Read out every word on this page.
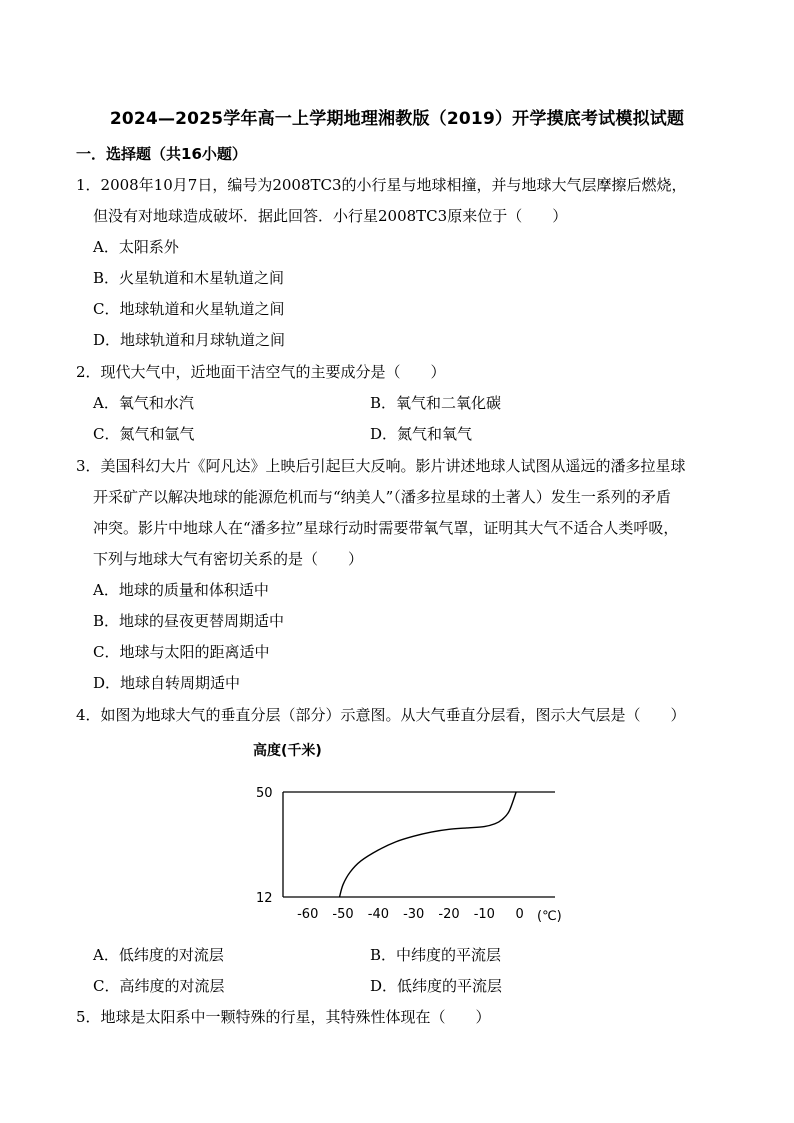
2024—2025学年高一上学期地理湘教版（2019）开学摸底考试模拟试题
一．选择题（共16小题）
1．2008年10月7日，编号为2008TC3的小行星与地球相撞，并与地球大气层摩擦后燃烧，
但没有对地球造成破坏．据此回答．小行星2008TC3原来位于（　　）
A．太阳系外
B．火星轨道和木星轨道之间
C．地球轨道和火星轨道之间
D．地球轨道和月球轨道之间
2．现代大气中，近地面干洁空气的主要成分是（　　）
A．氧气和水汽	B．氧气和二氧化碳
C．氮气和氩气	D．氮气和氧气
3．美国科幻大片《阿凡达》上映后引起巨大反响。影片讲述地球人试图从遥远的潘多拉星球
开采矿产以解决地球的能源危机而与“纳美人”（潘多拉星球的土著人）发生一系列的矛盾
冲突。影片中地球人在“潘多拉”星球行动时需要带氧气罩，证明其大气不适合人类呼吸，
下列与地球大气有密切关系的是（　　）
A．地球的质量和体积适中
B．地球的昼夜更替周期适中
C．地球与太阳的距离适中
D．地球自转周期适中
4．如图为地球大气的垂直分层（部分）示意图。从大气垂直分层看，图示大气层是（　　）
高度(千米)
50
12
-60 -50 -40 -30 -20 -10 0 (℃)
A．低纬度的对流层	B．中纬度的平流层
C．高纬度的对流层	D．低纬度的平流层
5．地球是太阳系中一颗特殊的行星，其特殊性体现在（　　）
